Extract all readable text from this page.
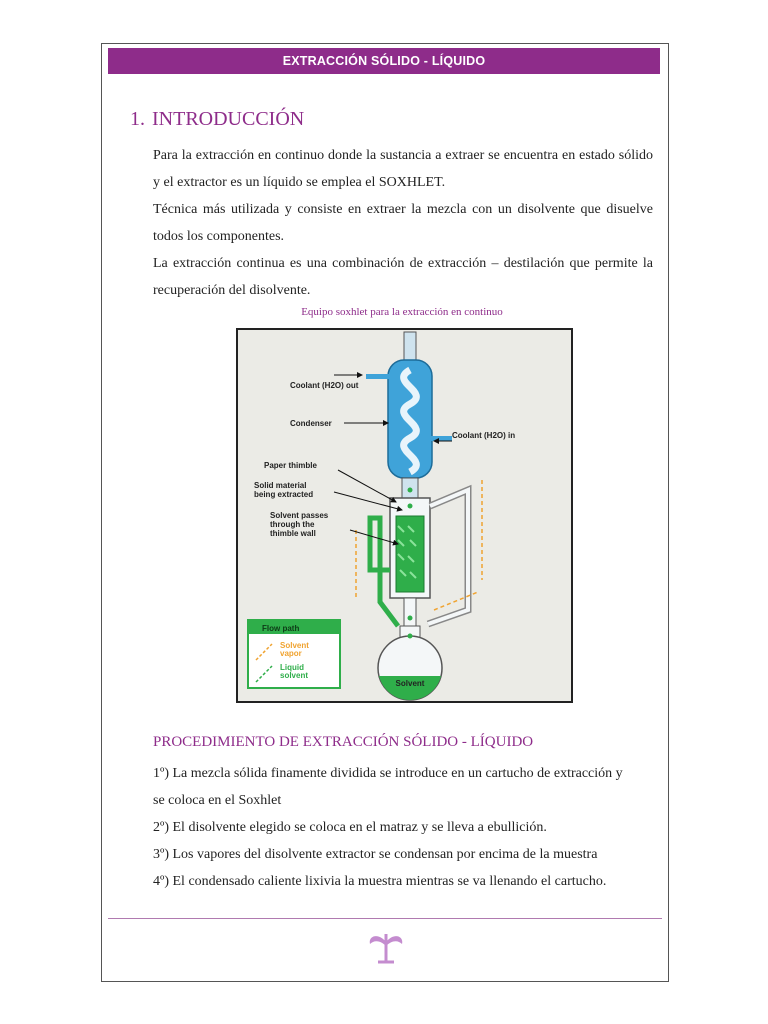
EXTRACCIÓN SÓLIDO - LÍQUIDO
1. INTRODUCCIÓN
Para la extracción en continuo donde la sustancia a extraer se encuentra en estado sólido y el extractor es un líquido se emplea el SOXHLET.
Técnica más utilizada y consiste en extraer la mezcla con un disolvente que disuelve todos los componentes.
La extracción continua es una combinación de extracción – destilación que permite la recuperación del disolvente.
Equipo soxhlet para la extracción en continuo
Solvent
Coolant (H2O) out
Condenser
Coolant (H2O) in
Paper thimble
Solid material
being extracted
Solvent passes
through the
thimble wall
Flow path
Solvent
vapor
Liquid
solvent
PROCEDIMIENTO DE EXTRACCIÓN SÓLIDO - LÍQUIDO
1º) La mezcla sólida finamente dividida se introduce en un cartucho de extracción y
se coloca en el Soxhlet
2º) El disolvente elegido se coloca en el matraz y se lleva a ebullición.
3º) Los vapores del disolvente extractor se condensan por encima de la muestra
4º) El condensado caliente lixivia la muestra mientras se va llenando el cartucho.
